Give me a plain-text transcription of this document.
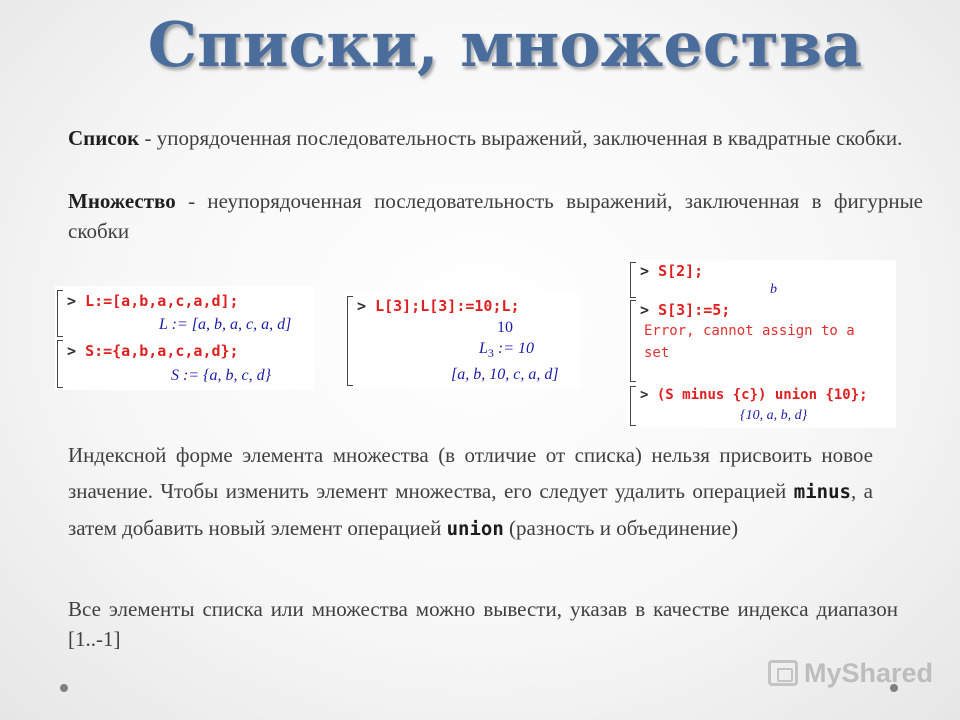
Списки, множества
Список - упорядоченная последовательность выражений, заключенная в квадратные скобки.
Множество - неупорядоченная последовательность выражений, заключенная в фигурные скобки
> L:=[a,b,a,c,a,d];
L := [a, b, a, c, a, d]
> S:={a,b,a,c,a,d};
S := {a, b, c, d}
> L[3];L[3]:=10;L;
10
$L_3$ := 10
[a, b, 10, c, a, d]
> S[2];
b
> S[3]:=5;
Error, cannot assign to a
set
> (S minus {c}) union {10};
{10, a, b, d}
Индексной форме элемента множества (в отличие от списка) нельзя присвоить новое значение. Чтобы изменить элемент множества, его следует удалить операцией minus, а затем добавить новый элемент операцией union (разность и объединение)
Все элементы списка или множества можно вывести, указав в качестве индекса диапазон [1..-1]
MyShared
